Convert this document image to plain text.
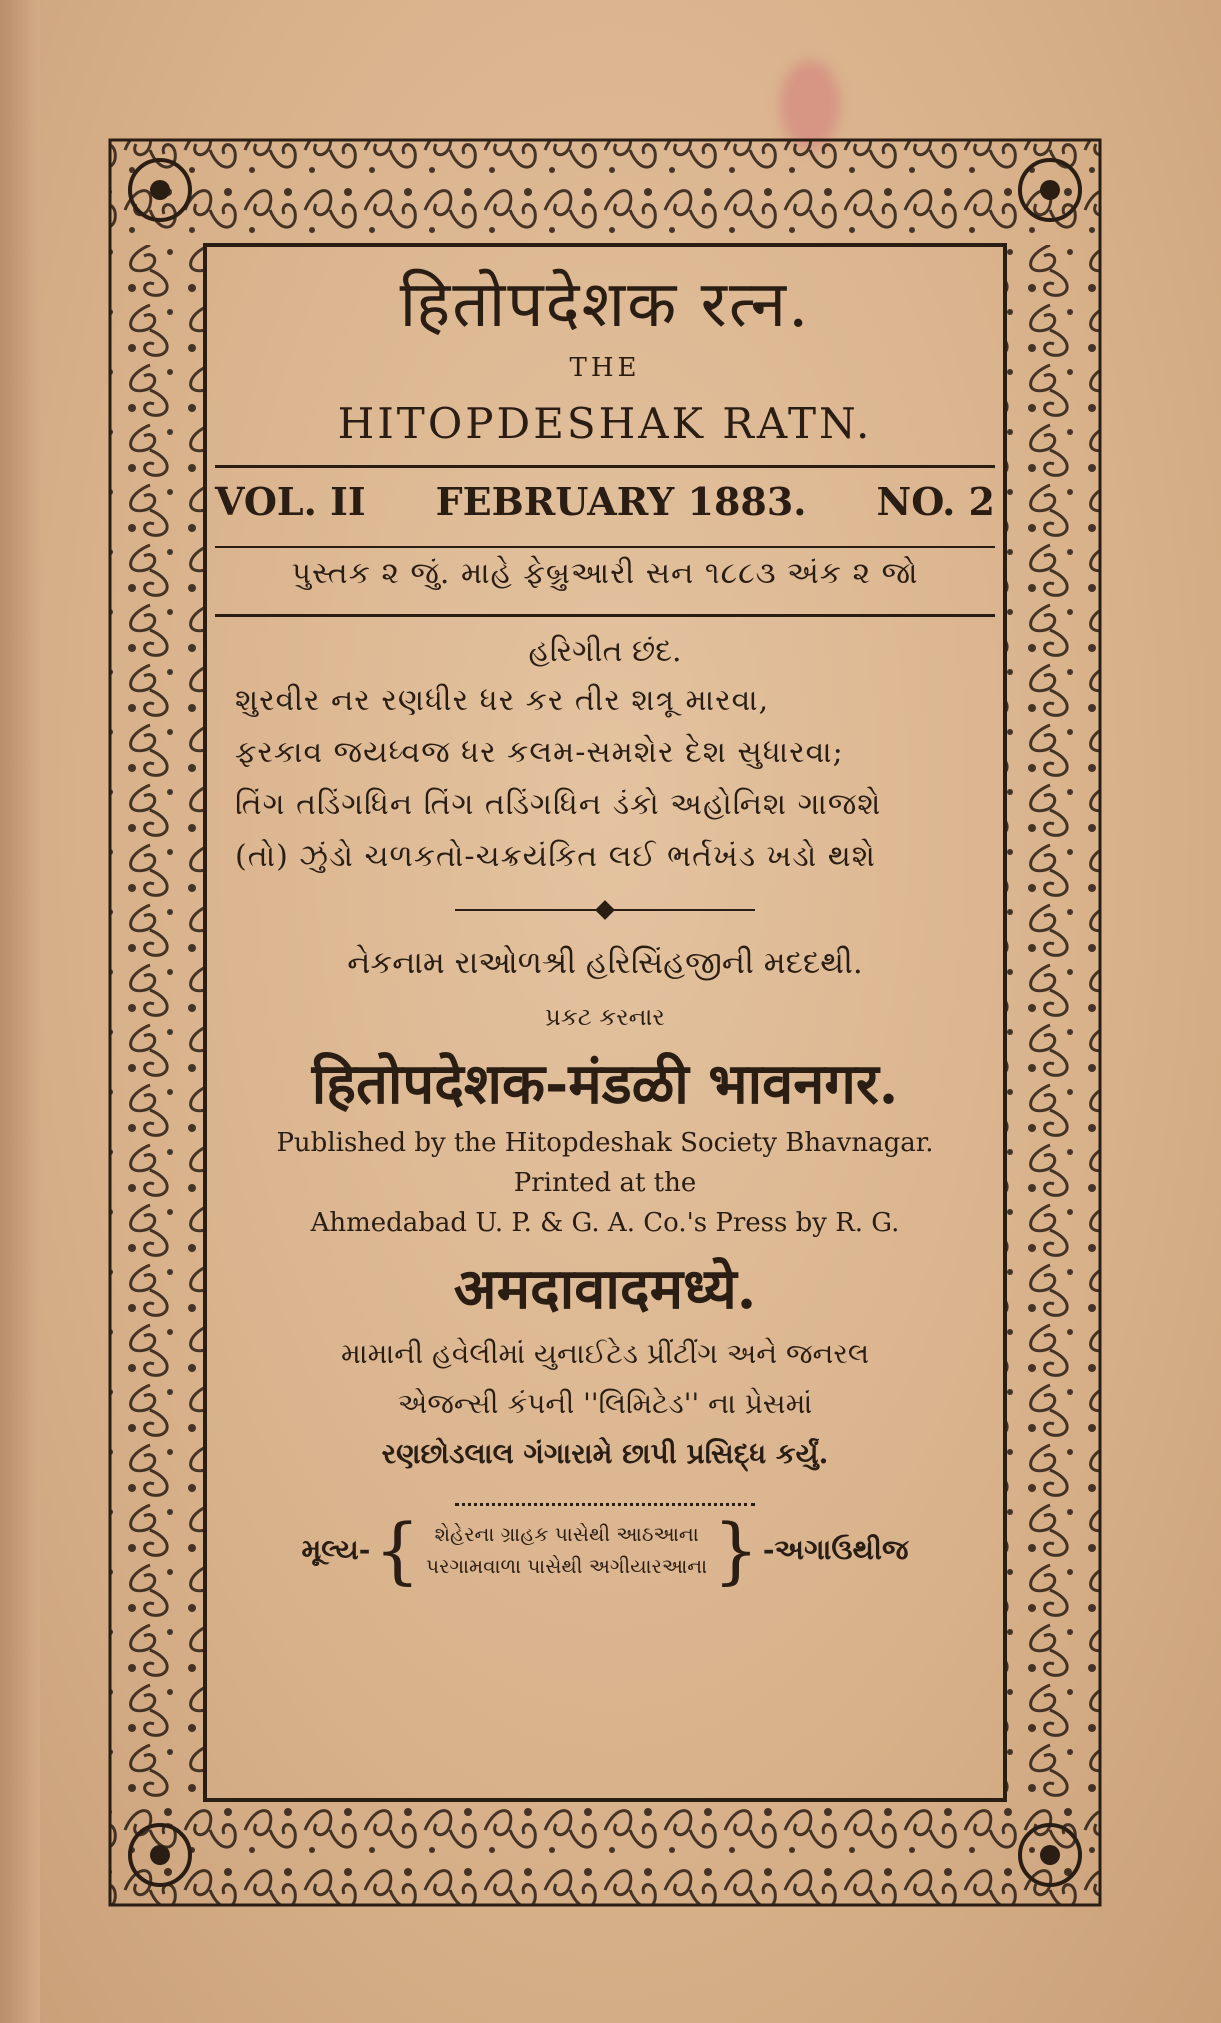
हितोपदेशक रत्न.
THE
HITOPDESHAK RATN.
VOL. II FEBRUARY 1883. NO. 2
પુસ્તક ૨ જું. માહે ફેબ્રુઆરી સન ૧૮૮૩ અંક ૨ જો
હરિગીત છંદ.
શુરવીર નર રણધીર ધર કર તીર શત્રૂ મારવા,
ફરકાવ જયધ્વજ ધર કલમ-સમશેર દેશ સુધારવા;
તિંગ તડિંગધિન તિંગ તડિંગધિન ડંકો અહોનિશ ગાજશે
(તો) ઝુંડો ચળકતો-ચક્રયંકિત લઈ ભર્તખંડ ખડો થશે
નેકનામ રાઓળશ્રી હરિસિંહજીની મદદથી.
પ્રકટ કરનાર
हितोपदेशक-मंडळी भावनगर.
Published by the Hitopdeshak Society Bhavnagar.
Printed at the
Ahmedabad U. P. & G. A. Co.'s Press by R. G.
अमदावादमध्ये.
મામાની હવેલીમાં યુનાઈટેડ પ્રીંટીંગ અને જનરલ
એજન્સી કંપની ''લિમિટેડ'' ના પ્રેસમાં
રણછોડલાલ ગંગારામે છાપી પ્રસિદ્ધ કર્યું.
મૂલ્ય- { શેહેરના ગ્રાહક પાસેથી આઠઆના
પરગામવાળા પાસેથી અગીયારઆના } -અગાઉથીજ
